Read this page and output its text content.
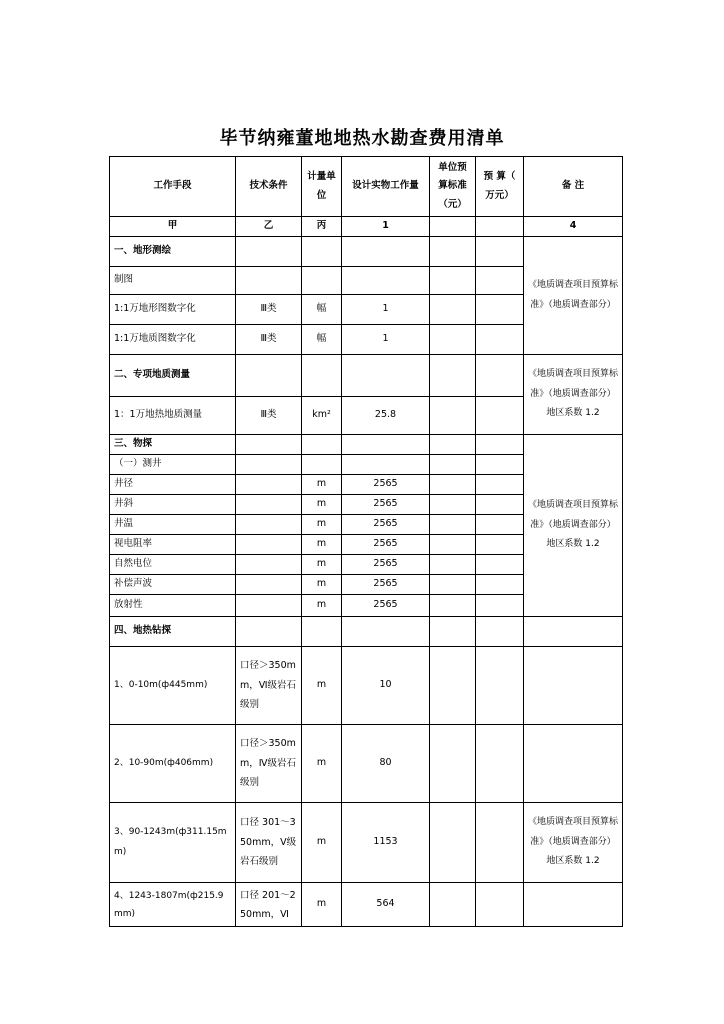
毕节纳雍董地地热水勘查费用清单
工作手段	技术条件	计量单位	设计实物工作量	单位预算标准（元）	预 算（ 万元）	备 注
甲	乙	丙	1			4
一、地形测绘						《地质调查项目预算标准》（地质调查部分）
制图						
1:1万地形图数字化	Ⅲ类	幅	1			
1:1万地质图数字化	Ⅲ类	幅	1			
二、专项地质测量						《地质调查项目预算标准》（地质调查部分）地区系数 1.2
1：1万地热地质测量	Ⅲ类	km²	25.8			
三、物探						《地质调查项目预算标准》（地质调查部分）地区系数 1.2
（一）测井						
井径		m	2565			
井斜		m	2565			
井温		m	2565			
视电阻率		m	2565			
自然电位		m	2565			
补偿声波		m	2565			
放射性		m	2565			
四、地热钻探						
1、0-10m(ф445mm)	口径＞350mm，Ⅵ级岩石级别	m	10			
2、10-90m(ф406mm)	口径＞350mm，Ⅳ级岩石级别	m	80			
3、90-1243m(ф311.15mm)	口径 301～350mm，Ⅴ级岩石级别	m	1153			《地质调查项目预算标准》（地质调查部分）地区系数 1.2
4、1243-1807m(ф215.9mm)	口径 201～250mm，Ⅵ	m	564			
